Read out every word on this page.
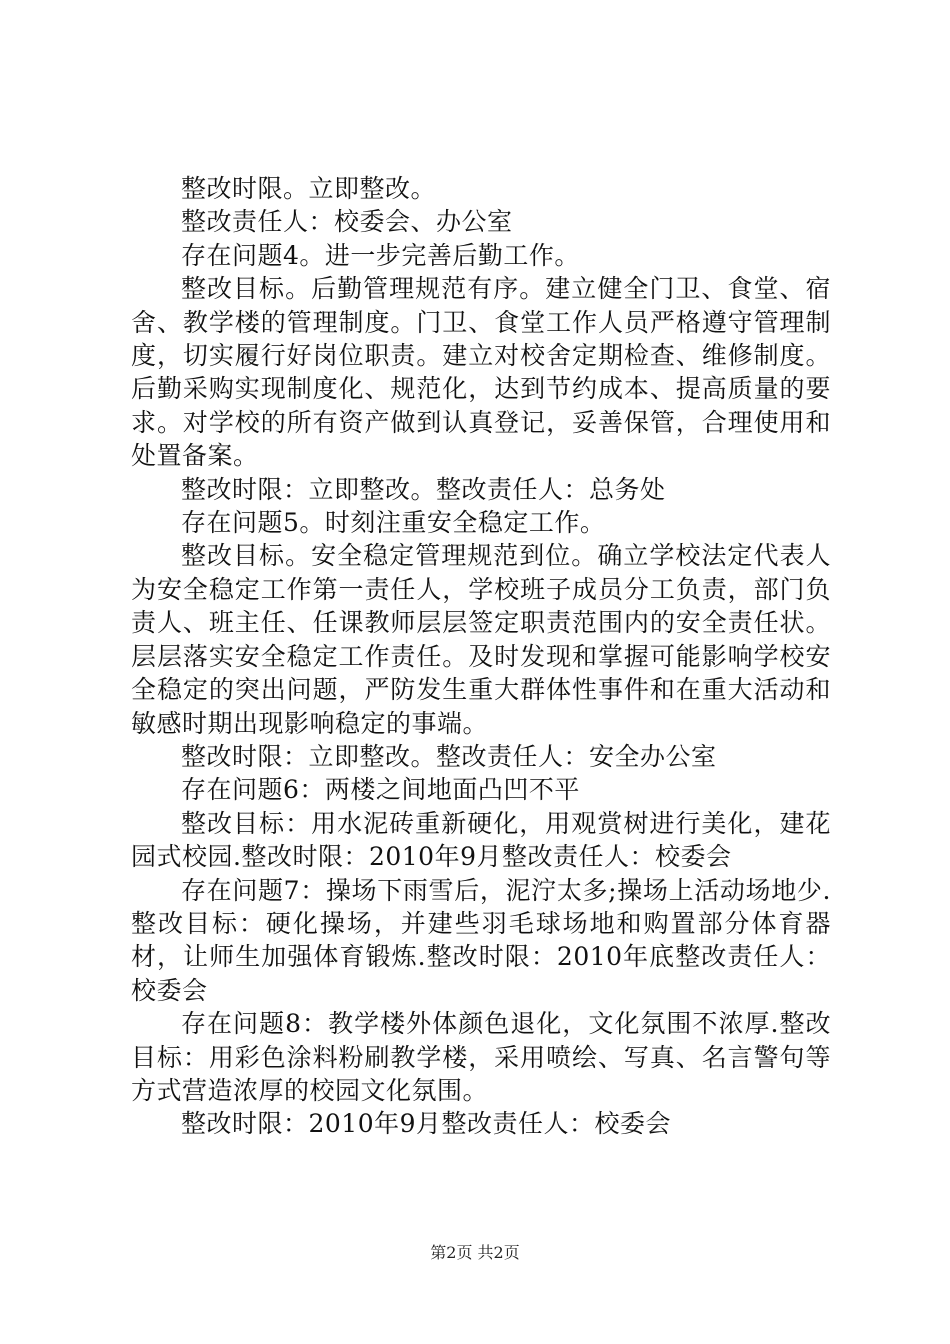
整改时限。立即整改。

整改责任人：校委会、办公室

存在问题4。进一步完善后勤工作。

整改目标。后勤管理规范有序。建立健全门卫、食堂、宿舍、教学楼的管理制度。门卫、食堂工作人员严格遵守管理制度，切实履行好岗位职责。建立对校舍定期检查、维修制度。后勤采购实现制度化、规范化，达到节约成本、提高质量的要求。对学校的所有资产做到认真登记，妥善保管，合理使用和处置备案。

整改时限：立即整改。整改责任人：总务处

存在问题5。时刻注重安全稳定工作。

整改目标。安全稳定管理规范到位。确立学校法定代表人为安全稳定工作第一责任人，学校班子成员分工负责，部门负责人、班主任、任课教师层层签定职责范围内的安全责任状。层层落实安全稳定工作责任。及时发现和掌握可能影响学校安全稳定的突出问题，严防发生重大群体性事件和在重大活动和敏感时期出现影响稳定的事端。

整改时限：立即整改。整改责任人：安全办公室

存在问题6：两楼之间地面凸凹不平

整改目标：用水泥砖重新硬化，用观赏树进行美化，建花园式校园.整改时限：2010年9月整改责任人：校委会

存在问题7：操场下雨雪后，泥泞太多;操场上活动场地少.整改目标：硬化操场，并建些羽毛球场地和购置部分体育器材，让师生加强体育锻炼.整改时限：2010年底整改责任人：校委会

存在问题8：教学楼外体颜色退化，文化氛围不浓厚.整改目标：用彩色涂料粉刷教学楼，采用喷绘、写真、名言警句等方式营造浓厚的校园文化氛围。

整改时限：2010年9月整改责任人：校委会

第2页 共2页
